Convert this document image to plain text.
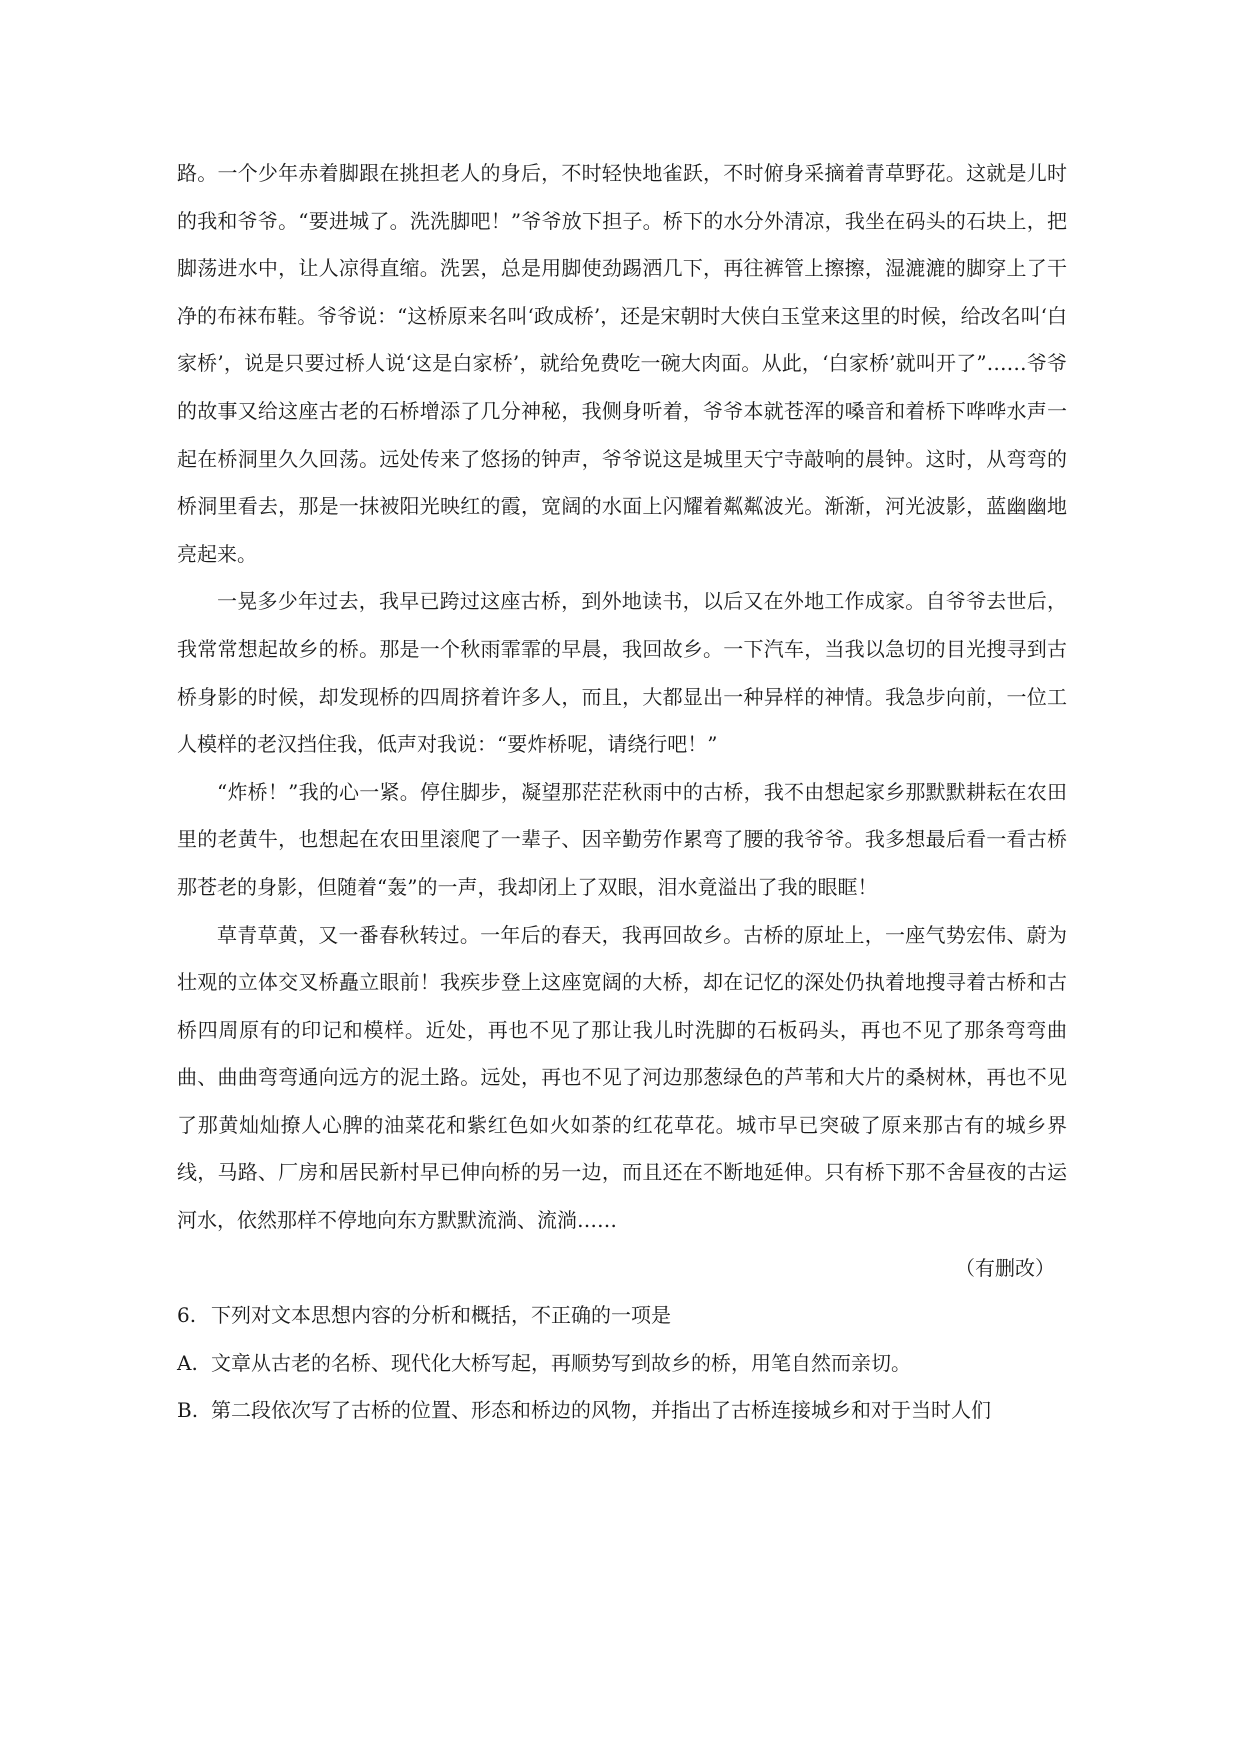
路。一个少年赤着脚跟在挑担老人的身后，不时轻快地雀跃，不时俯身采摘着青草野花。这就是儿时的我和爷爷。“要进城了。洗洗脚吧！”爷爷放下担子。桥下的水分外清凉，我坐在码头的石块上，把脚荡进水中，让人凉得直缩。洗罢，总是用脚使劲踢洒几下，再往裤管上擦擦，湿漉漉的脚穿上了干净的布袜布鞋。爷爷说：“这桥原来名叫‘政成桥’，还是宋朝时大侠白玉堂来这里的时候，给改名叫‘白家桥’，说是只要过桥人说‘这是白家桥’，就给免费吃一碗大肉面。从此，‘白家桥’就叫开了”……爷爷的故事又给这座古老的石桥增添了几分神秘，我侧身听着，爷爷本就苍浑的嗓音和着桥下哗哗水声一起在桥洞里久久回荡。远处传来了悠扬的钟声，爷爷说这是城里天宁寺敲响的晨钟。这时，从弯弯的桥洞里看去，那是一抹被阳光映红的霞，宽阔的水面上闪耀着粼粼波光。渐渐，河光波影，蓝幽幽地亮起来。

一晃多少年过去，我早已跨过这座古桥，到外地读书，以后又在外地工作成家。自爷爷去世后，我常常想起故乡的桥。那是一个秋雨霏霏的早晨，我回故乡。一下汽车，当我以急切的目光搜寻到古桥身影的时候，却发现桥的四周挤着许多人，而且，大都显出一种异样的神情。我急步向前，一位工人模样的老汉挡住我，低声对我说：“要炸桥呢，请绕行吧！”

“炸桥！”我的心一紧。停住脚步，凝望那茫茫秋雨中的古桥，我不由想起家乡那默默耕耘在农田里的老黄牛，也想起在农田里滚爬了一辈子、因辛勤劳作累弯了腰的我爷爷。我多想最后看一看古桥那苍老的身影，但随着“轰”的一声，我却闭上了双眼，泪水竟溢出了我的眼眶！

草青草黄，又一番春秋转过。一年后的春天，我再回故乡。古桥的原址上，一座气势宏伟、蔚为壮观的立体交叉桥矗立眼前！我疾步登上这座宽阔的大桥，却在记忆的深处仍执着地搜寻着古桥和古桥四周原有的印记和模样。近处，再也不见了那让我儿时洗脚的石板码头，再也不见了那条弯弯曲曲、曲曲弯弯通向远方的泥土路。远处，再也不见了河边那葱绿色的芦苇和大片的桑树林，再也不见了那黄灿灿撩人心脾的油菜花和紫红色如火如荼的红花草花。城市早已突破了原来那古有的城乡界线，马路、厂房和居民新村早已伸向桥的另一边，而且还在不断地延伸。只有桥下那不舍昼夜的古运河水，依然那样不停地向东方默默流淌、流淌……

（有删改）

6. 下列对文本思想内容的分析和概括，不正确的一项是

A. 文章从古老的名桥、现代化大桥写起，再顺势写到故乡的桥，用笔自然而亲切。

B. 第二段依次写了古桥的位置、形态和桥边的风物，并指出了古桥连接城乡和对于当时人们
